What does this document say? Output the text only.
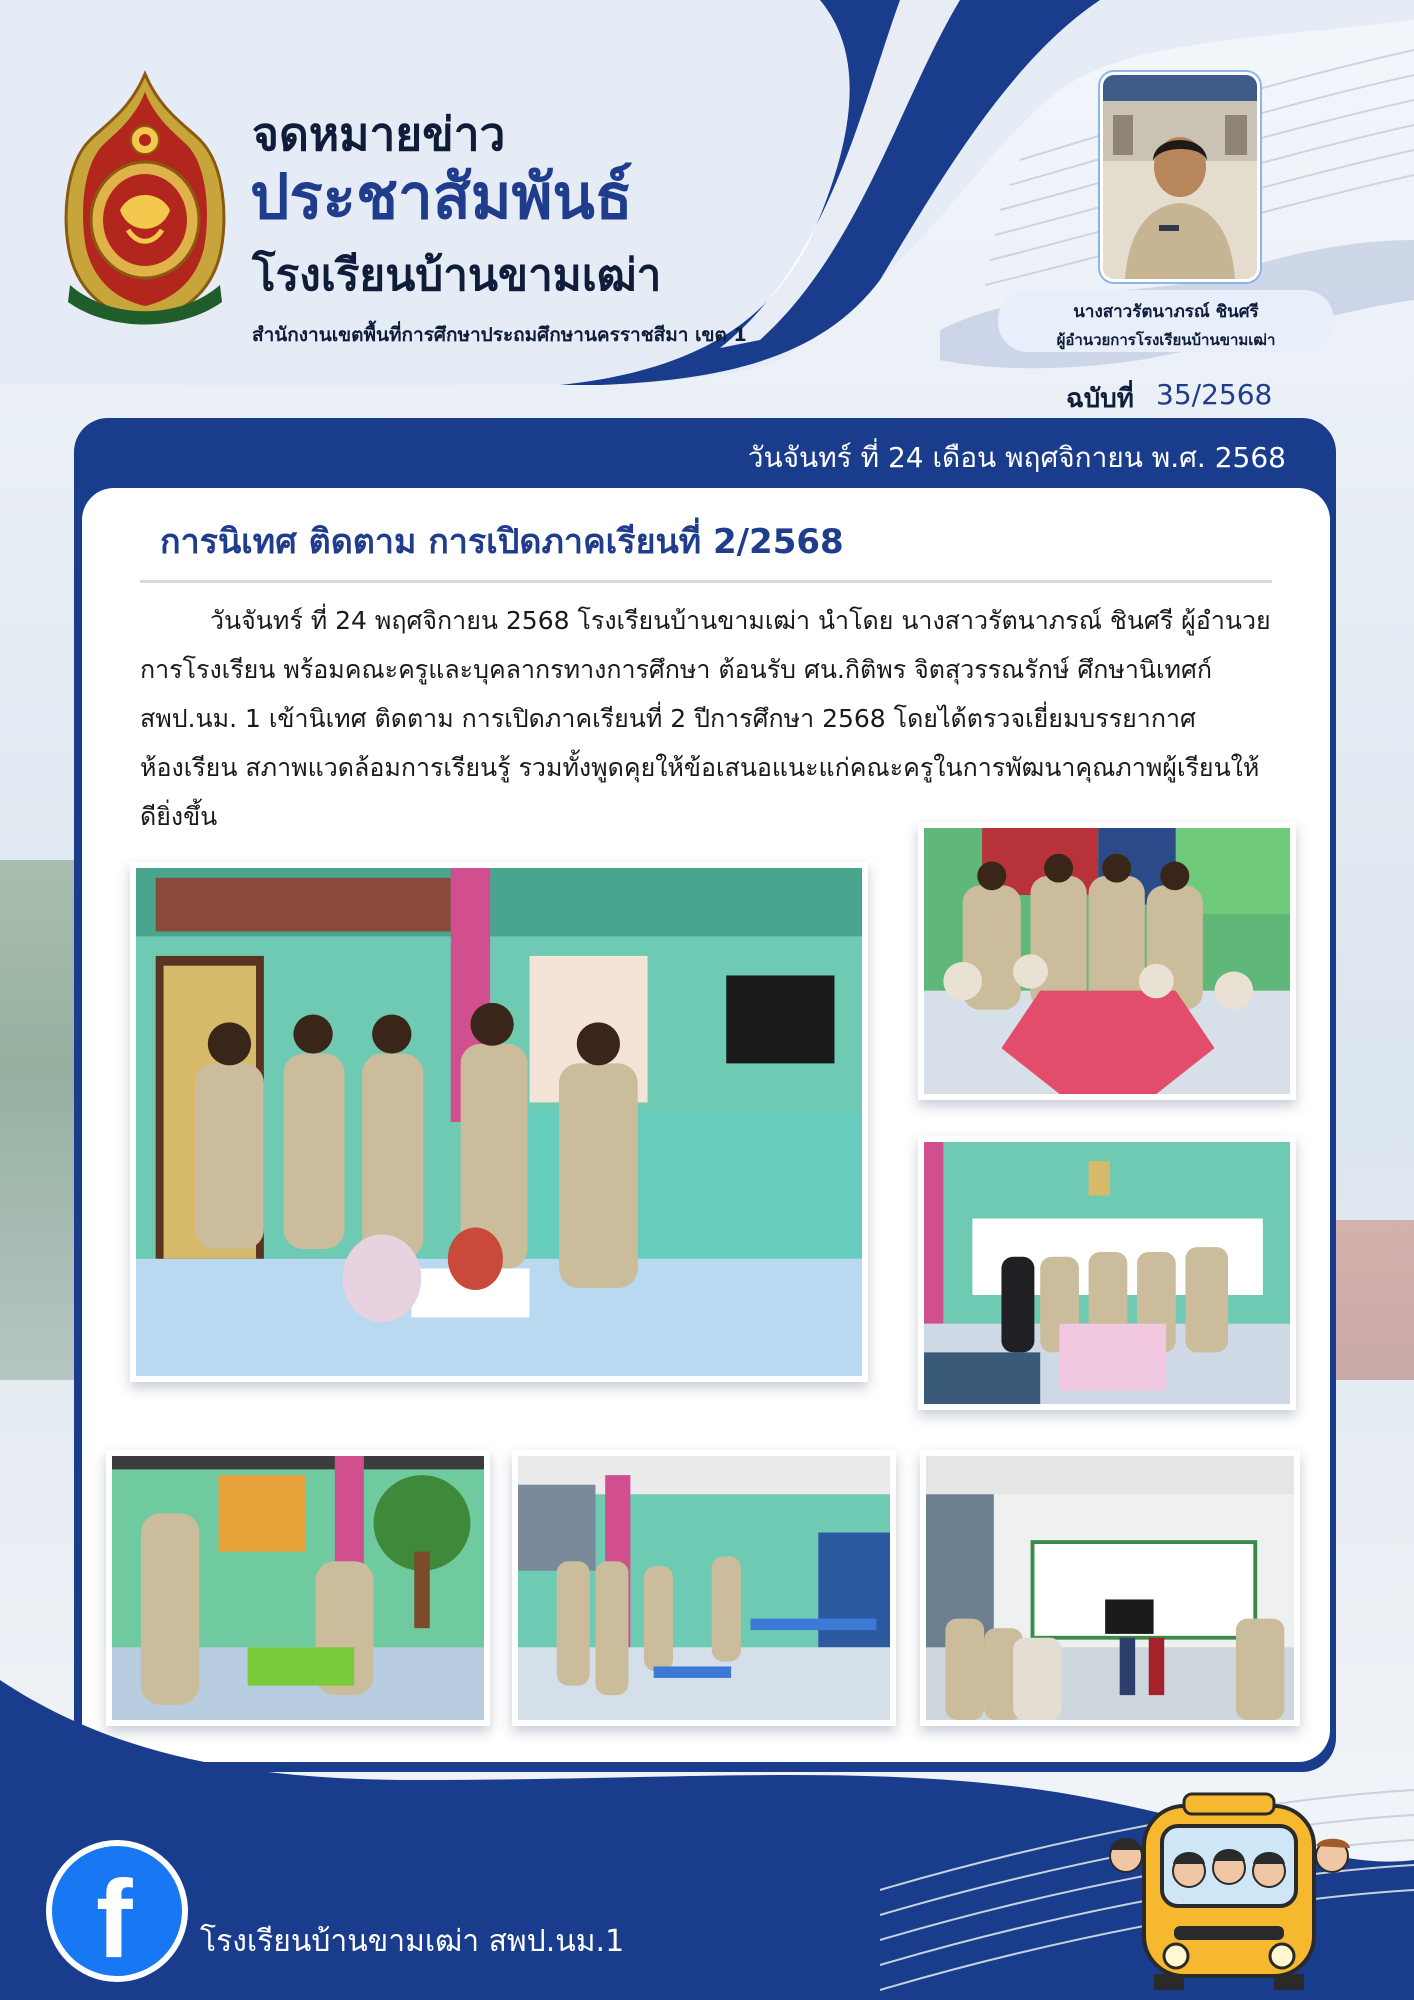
จดหมายข่าว
ประชาสัมพันธ์
โรงเรียนบ้านขามเฒ่า
สำนักงานเขตพื้นที่การศึกษาประถมศึกษานครราชสีมา เขต 1
นางสาวรัตนาภรณ์ ชินศรี
ผู้อำนวยการโรงเรียนบ้านขามเฒ่า
ฉบับที่ 35/2568
วันจันทร์ ที่ 24 เดือน พฤศจิกายน พ.ศ. 2568
การนิเทศ ติดตาม การเปิดภาคเรียนที่ 2/2568
วันจันทร์ ที่ 24 พฤศจิกายน 2568 โรงเรียนบ้านขามเฒ่า นำโดย นางสาวรัตนาภรณ์ ชินศรี ผู้อำนวยการโรงเรียน พร้อมคณะครูและบุคลากรทางการศึกษา ต้อนรับ ศน.กิติพร จิตสุวรรณรักษ์ ศึกษานิเทศก์ สพป.นม. 1 เข้านิเทศ ติดตาม การเปิดภาคเรียนที่ 2 ปีการศึกษา 2568 โดยได้ตรวจเยี่ยมบรรยากาศห้องเรียน สภาพแวดล้อมการเรียนรู้ รวมทั้งพูดคุยให้ข้อเสนอแนะแก่คณะครูในการพัฒนาคุณภาพผู้เรียนให้ดียิ่งขึ้น
f โรงเรียนบ้านขามเฒ่า สพป.นม.1
